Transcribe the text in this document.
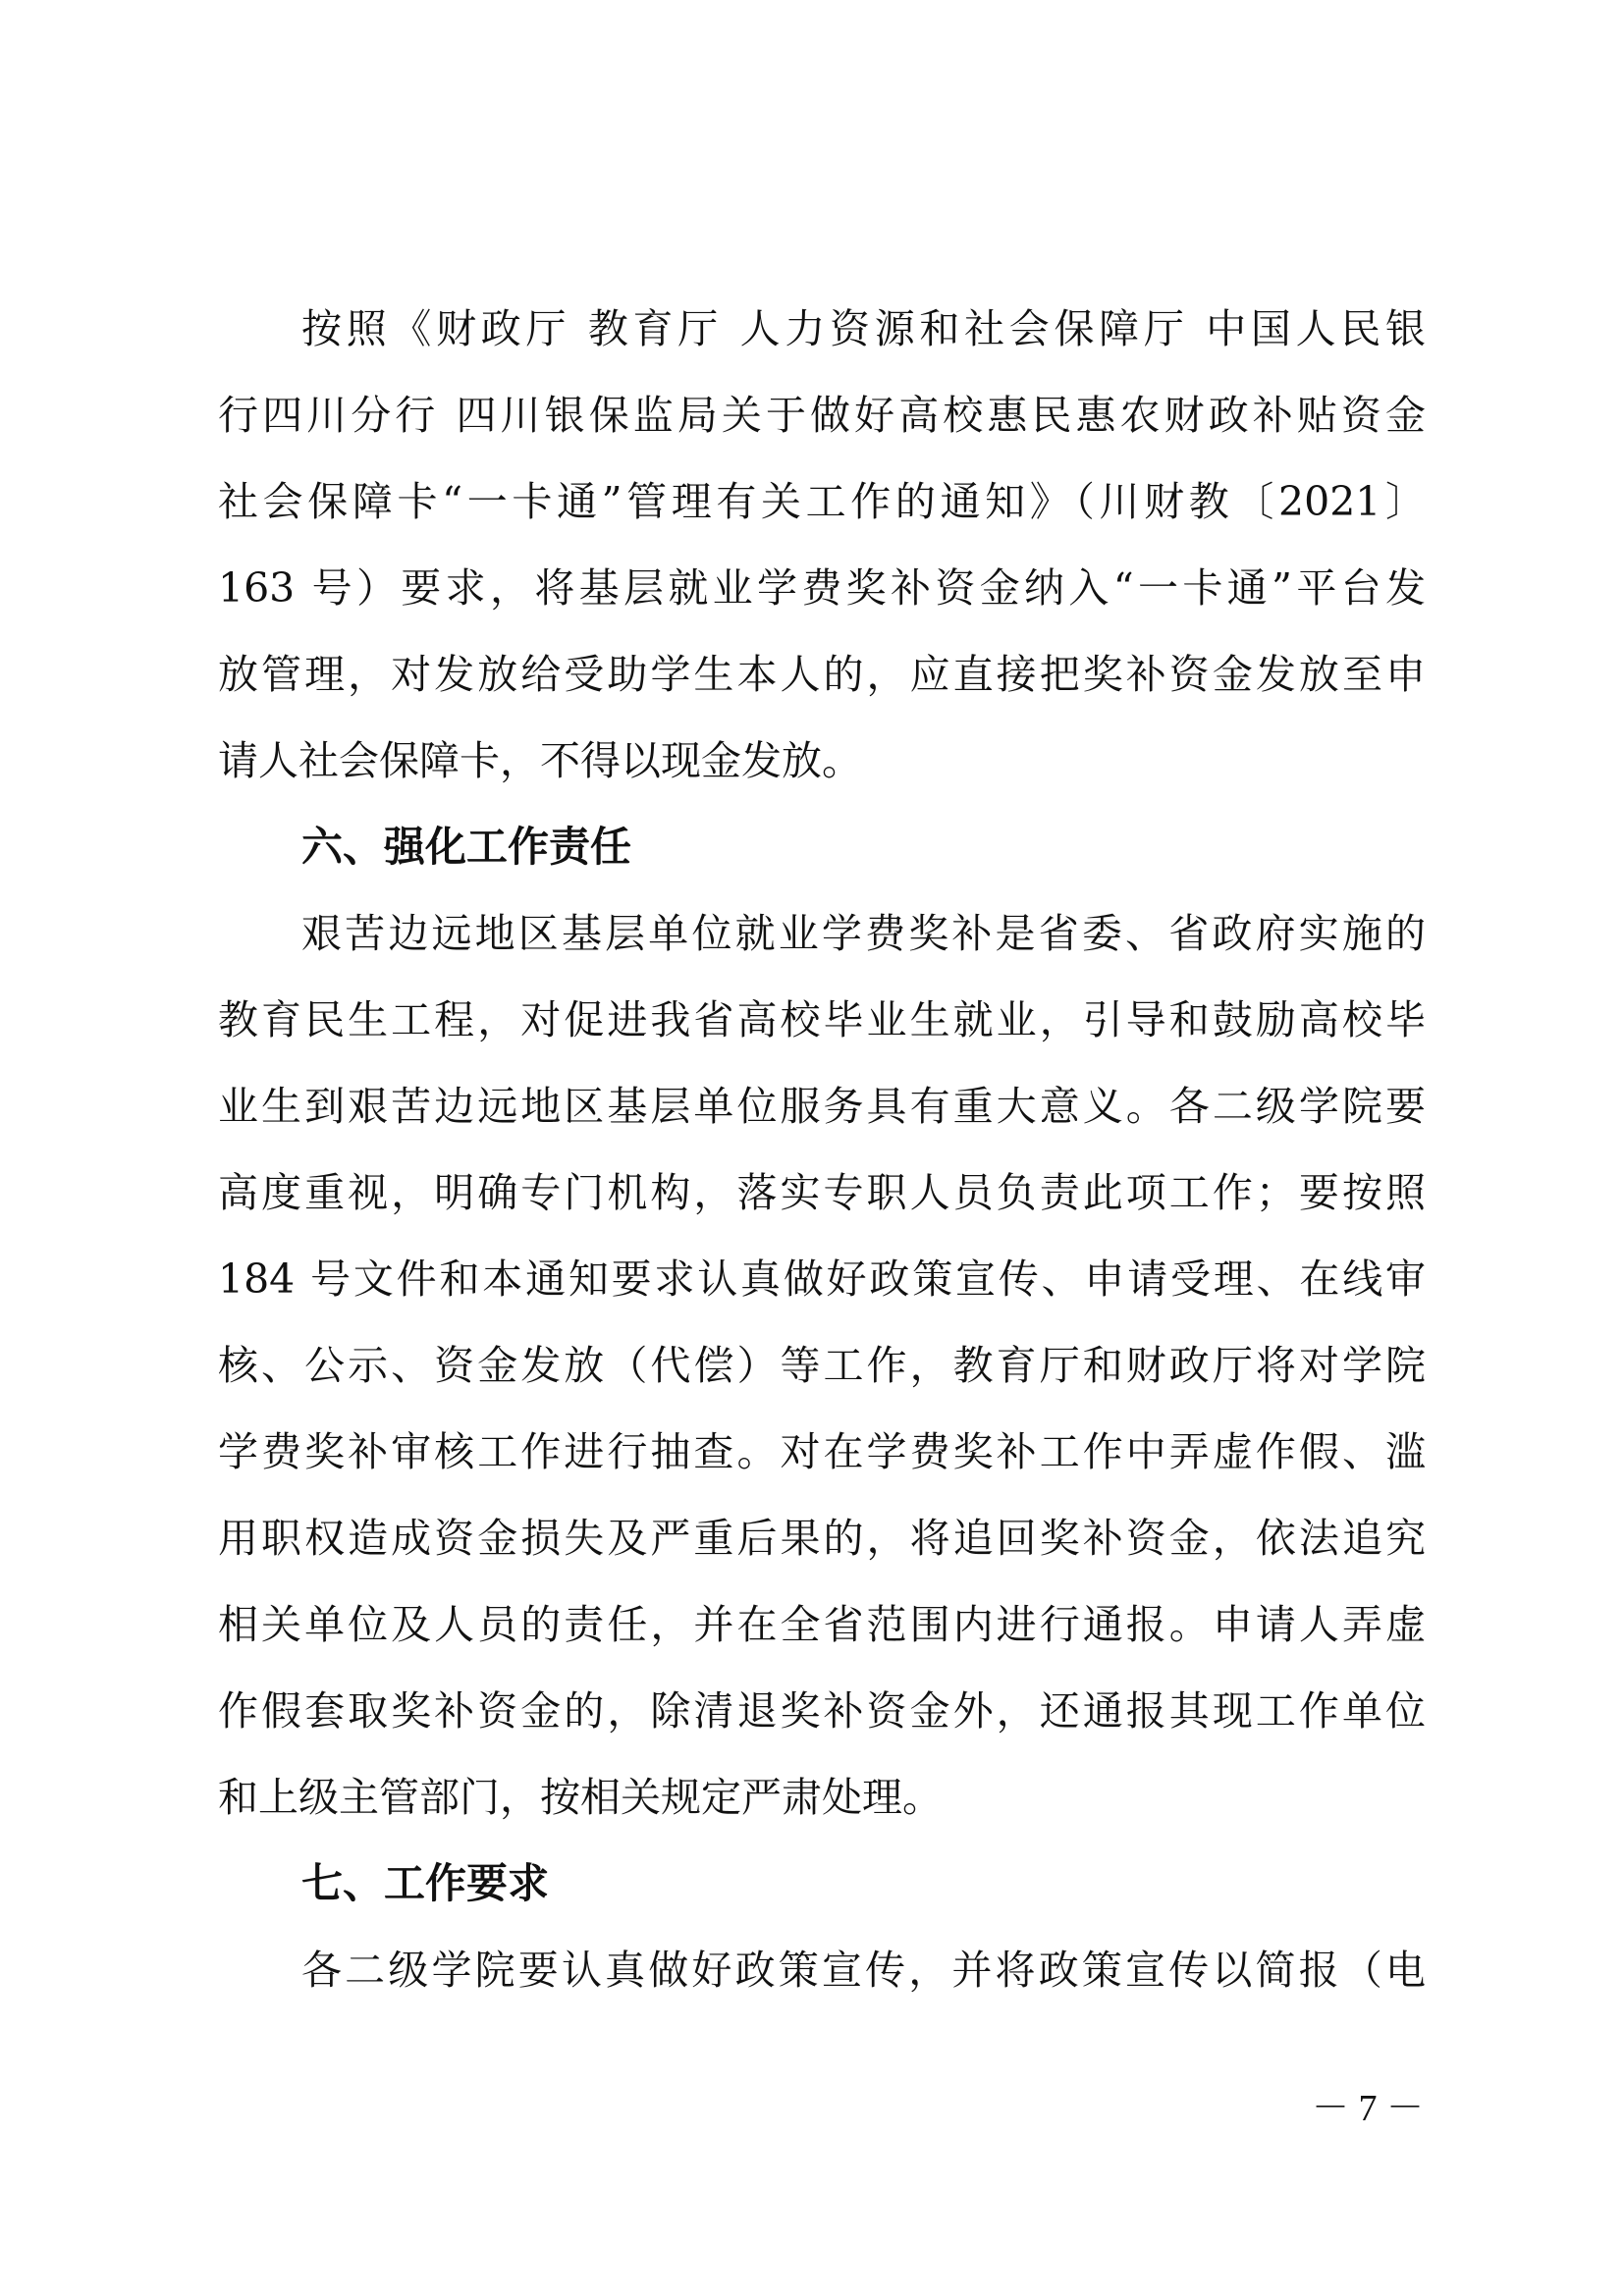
按照《财政厅 教育厅 人力资源和社会保障厅 中国人民银
行四川分行 四川银保监局关于做好高校惠民惠农财政补贴资金
社会保障卡“一卡通”管理有关工作的通知》（川财教〔2021〕
163 号）要求，将基层就业学费奖补资金纳入“一卡通”平台发
放管理，对发放给受助学生本人的，应直接把奖补资金发放至申
请人社会保障卡，不得以现金发放。
六、强化工作责任
艰苦边远地区基层单位就业学费奖补是省委、省政府实施的
教育民生工程，对促进我省高校毕业生就业，引导和鼓励高校毕
业生到艰苦边远地区基层单位服务具有重大意义。各二级学院要
高度重视，明确专门机构，落实专职人员负责此项工作；要按照
184 号文件和本通知要求认真做好政策宣传、申请受理、在线审
核、公示、资金发放（代偿）等工作，教育厅和财政厅将对学院
学费奖补审核工作进行抽查。对在学费奖补工作中弄虚作假、滥
用职权造成资金损失及严重后果的，将追回奖补资金，依法追究
相关单位及人员的责任，并在全省范围内进行通报。申请人弄虚
作假套取奖补资金的，除清退奖补资金外，还通报其现工作单位
和上级主管部门，按相关规定严肃处理。
七、工作要求
各二级学院要认真做好政策宣传，并将政策宣传以简报（电
－ 7 －
